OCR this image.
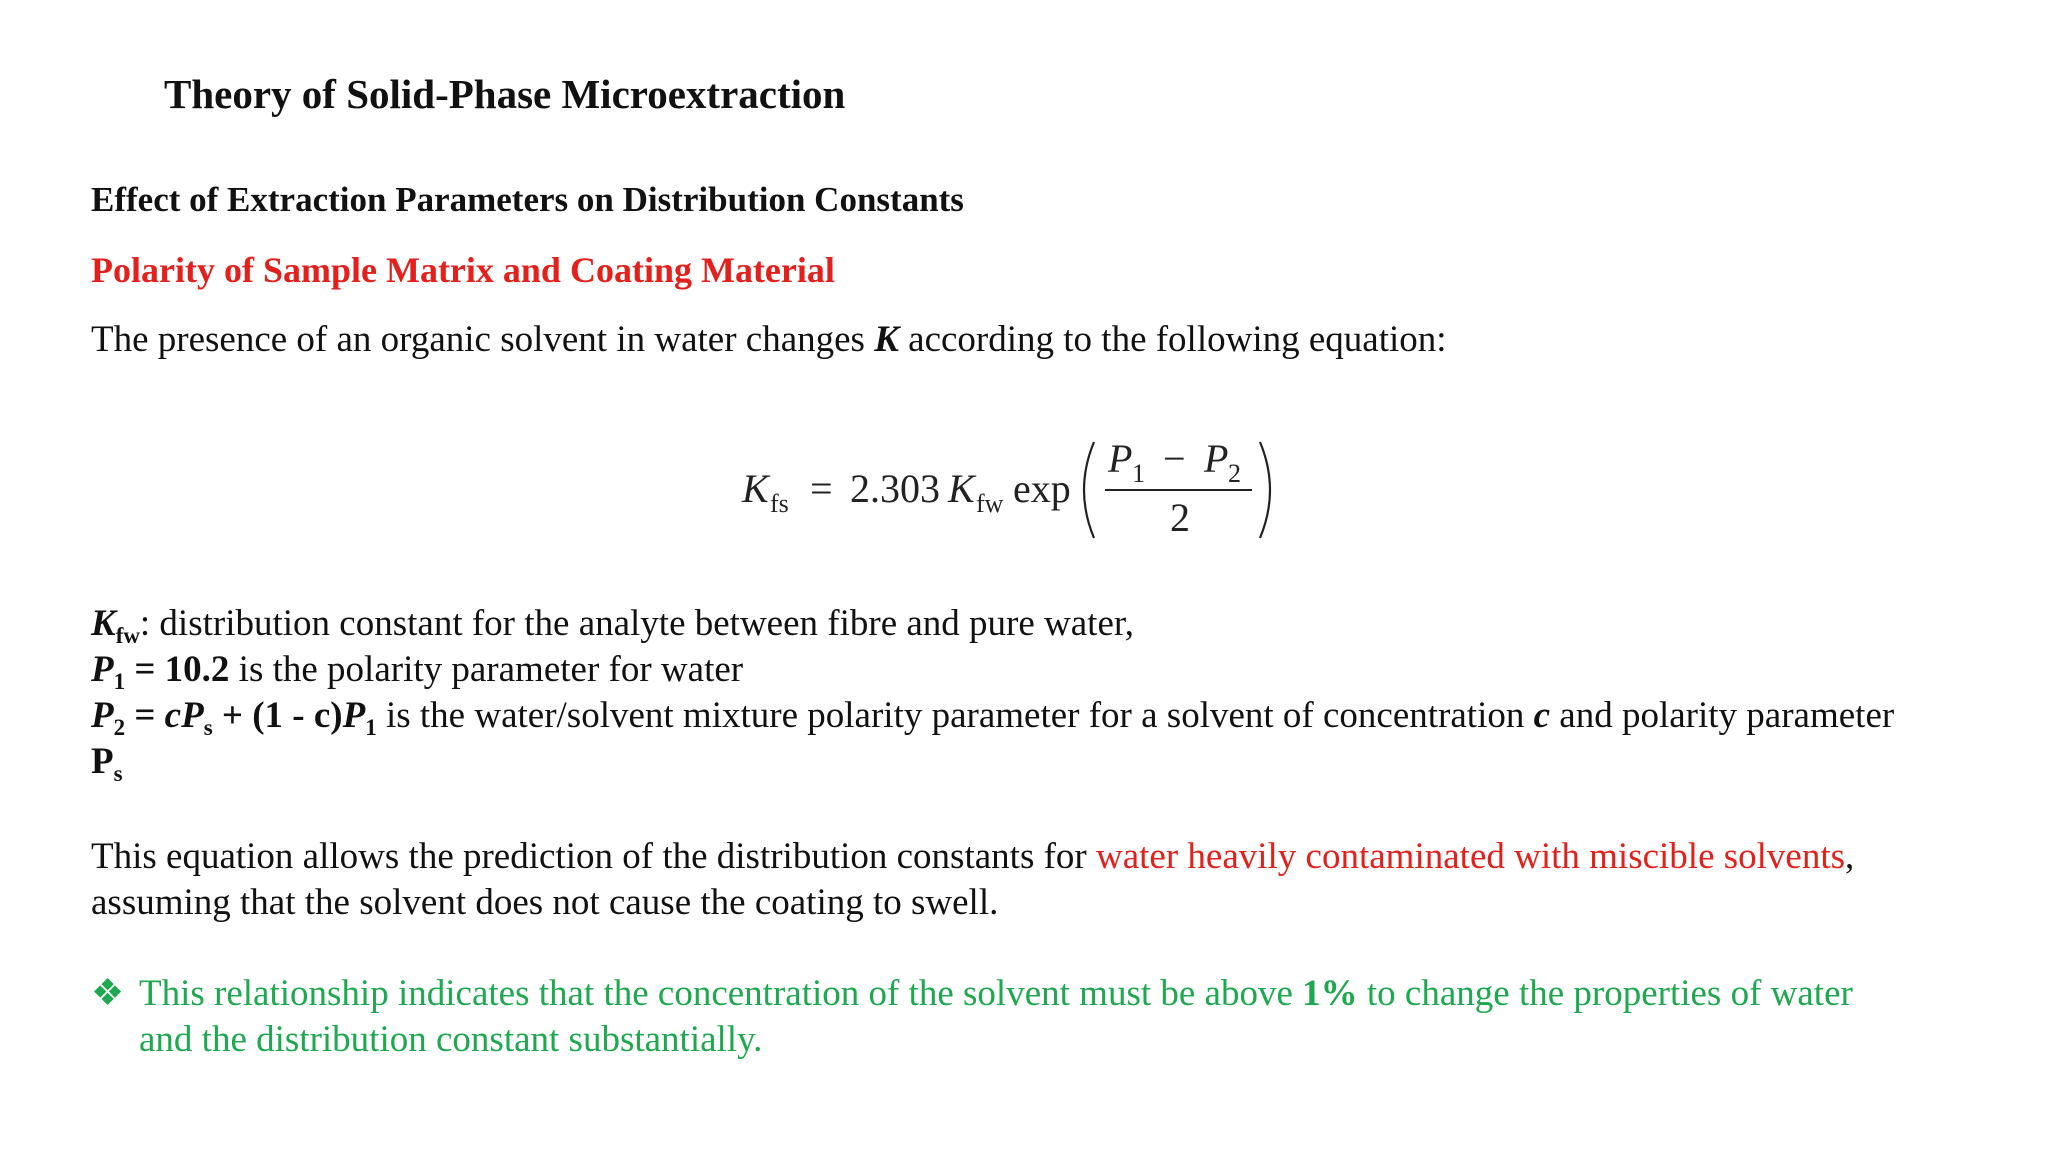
Theory of Solid-Phase Microextraction
Effect of Extraction Parameters on Distribution Constants
Polarity of Sample Matrix and Coating Material
The presence of an organic solvent in water changes K according to the following equation:
K fs = 2.303 K fw exp
P 1 − P 2
2
$K_{fw}$: distribution constant for the analyte between fibre and pure water,
$P_1 = 10.2$ is the polarity parameter for water
$P_2 = cP_s + (1 - c)P_1$ is the water/solvent mixture polarity parameter for a solvent of concentration c and polarity parameter
$P_s$
This equation allows the prediction of the distribution constants for water heavily contaminated with miscible solvents,
assuming that the solvent does not cause the coating to swell.
❖ This relationship indicates that the concentration of the solvent must be above 1% to change the properties of water
and the distribution constant substantially.
